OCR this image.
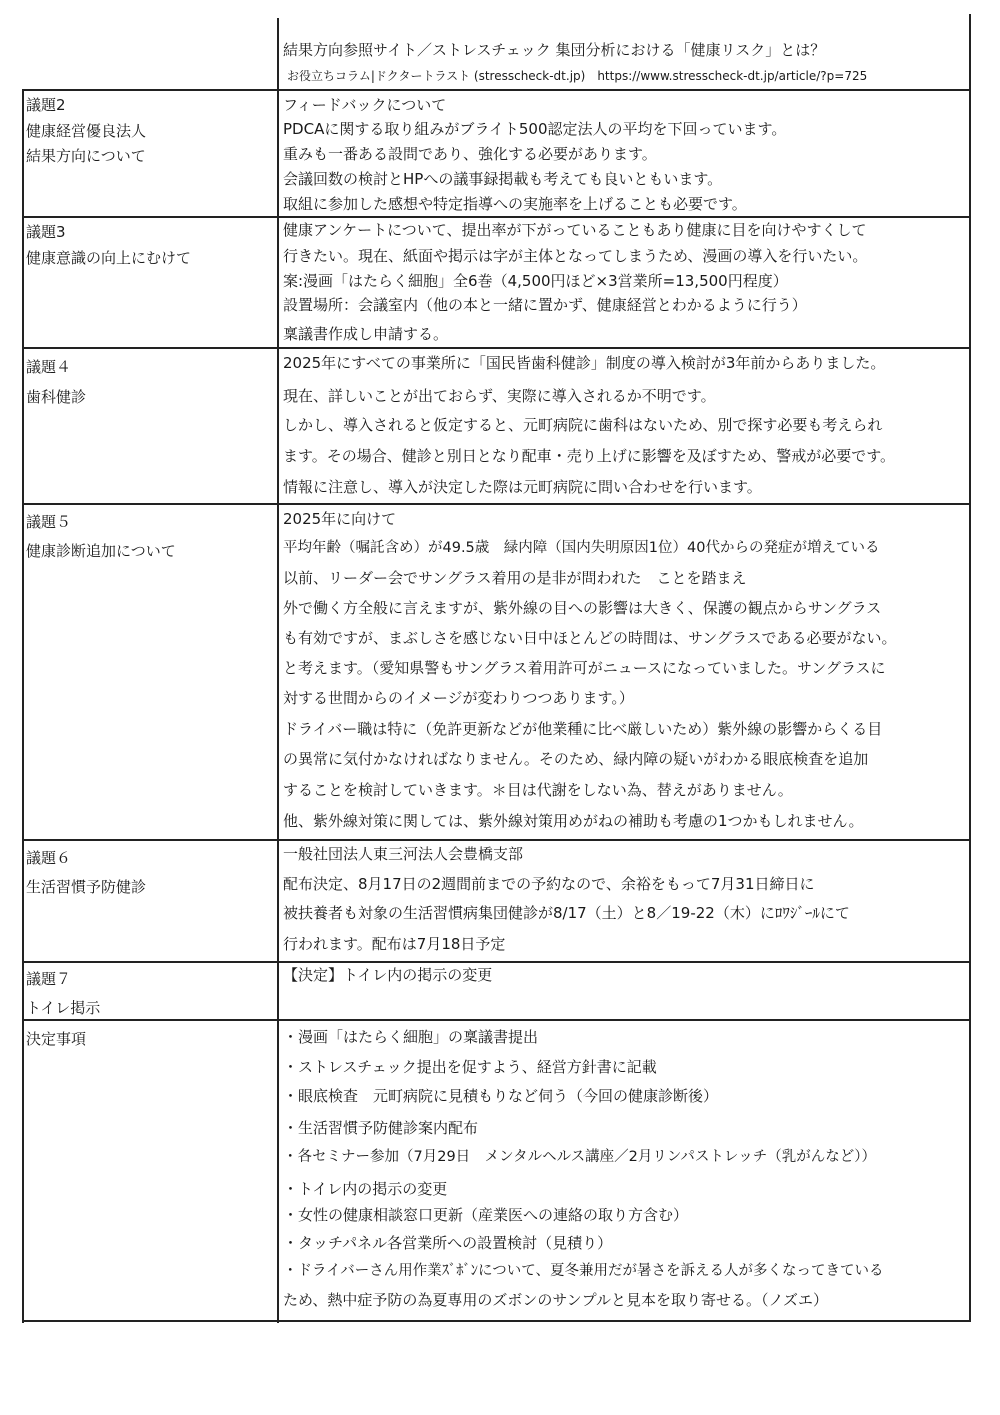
結果方向参照サイト／ストレスチェック 集団分析における「健康リスク」とは？
お役立ちコラム|ドクタートラスト (stresscheck-dt.jp)　https://www.stresscheck-dt.jp/article/?p=725
議題2
健康経営優良法人
結果方向について
フィードバックについて
PDCAに関する取り組みがブライト500認定法人の平均を下回っています。
重みも一番ある設問であり、強化する必要があります。
会議回数の検討とHPへの議事録掲載も考えても良いともいます。
取組に参加した感想や特定指導への実施率を上げることも必要です。
議題3
健康意識の向上にむけて
健康アンケートについて、提出率が下がっていることもあり健康に目を向けやすくして
行きたい。現在、紙面や掲示は字が主体となってしまうため、漫画の導入を行いたい。
案:漫画「はたらく細胞」全6巻（4,500円ほど×3営業所=13,500円程度）
設置場所：会議室内（他の本と一緒に置かず、健康経営とわかるように行う）
稟議書作成し申請する。
議題４
歯科健診
2025年にすべての事業所に「国民皆歯科健診」制度の導入検討が3年前からありました。
現在、詳しいことが出ておらず、実際に導入されるか不明です。
しかし、導入されると仮定すると、元町病院に歯科はないため、別で探す必要も考えられ
ます。その場合、健診と別日となり配車・売り上げに影響を及ぼすため、警戒が必要です。
情報に注意し、導入が決定した際は元町病院に問い合わせを行います。
議題５
健康診断追加について
2025年に向けて
平均年齢（嘱託含め）が49.5歳　緑内障（国内失明原因1位）40代からの発症が増えている
以前、リーダー会でサングラス着用の是非が問われた　ことを踏まえ
外で働く方全般に言えますが、紫外線の目への影響は大きく、保護の観点からサングラス
も有効ですが、まぶしさを感じない日中ほとんどの時間は、サングラスである必要がない。
と考えます。（愛知県警もサングラス着用許可がニュースになっていました。サングラスに
対する世間からのイメージが変わりつつあります。）
ドライバー職は特に（免許更新などが他業種に比べ厳しいため）紫外線の影響からくる目
の異常に気付かなければなりません。そのため、緑内障の疑いがわかる眼底検査を追加
することを検討していきます。＊目は代謝をしない為、替えがありません。
他、紫外線対策に関しては、紫外線対策用めがねの補助も考慮の1つかもしれません。
議題６
生活習慣予防健診
一般社団法人東三河法人会豊橋支部
配布決定、8月17日の2週間前までの予約なので、余裕をもって7月31日締日に
被扶養者も対象の生活習慣病集団健診が8/17（土）と8／19-22（木）にﾛﾜｼﾞｰﾙにて
行われます。配布は7月18日予定
議題７
トイレ掲示
【決定】トイレ内の掲示の変更
決定事項	・漫画「はたらく細胞」の稟議書提出
・ストレスチェック提出を促すよう、経営方針書に記載
・眼底検査　元町病院に見積もりなど伺う（今回の健康診断後）
・生活習慣予防健診案内配布
・各セミナー参加（7月29日　メンタルヘルス講座／2月リンパストレッチ（乳がんなど））
・トイレ内の掲示の変更
・女性の健康相談窓口更新（産業医への連絡の取り方含む）
・タッチパネル各営業所への設置検討（見積り）
・ドライバーさん用作業ｽﾞﾎﾞﾝについて、夏冬兼用だが暑さを訴える人が多くなってきている
ため、熱中症予防の為夏専用のズボンのサンプルと見本を取り寄せる。（ノズエ）
